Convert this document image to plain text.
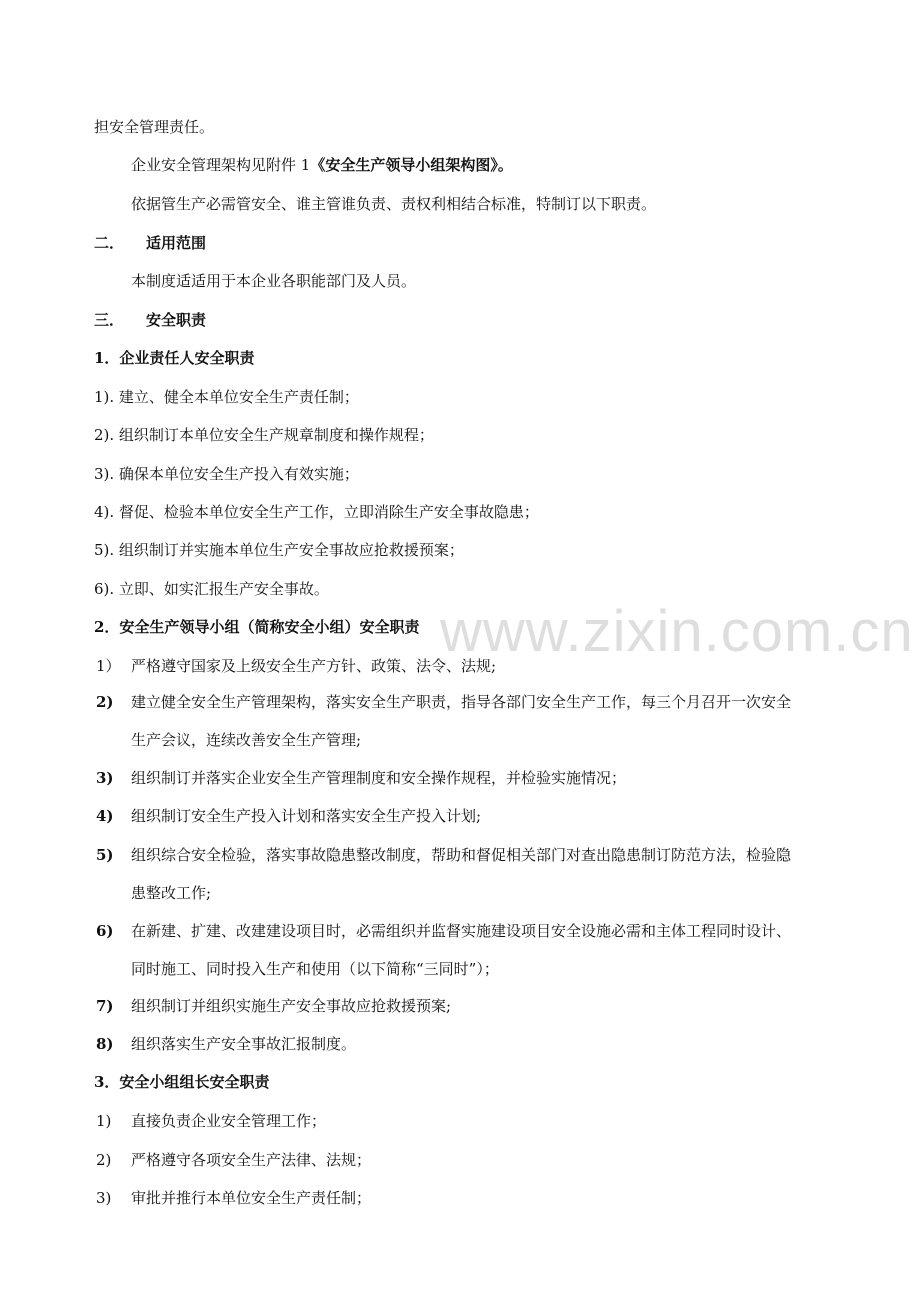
www.zixin.com.cn
担安全管理责任。
企业安全管理架构见附件 1《安全生产领导小组架构图》。
依据管生产必需管安全、谁主管谁负责、责权利相结合标准，特制订以下职责。
二． 适用范围
本制度适适用于本企业各职能部门及人员。
三． 安全职责
1．企业责任人安全职责
1). 建立、健全本单位安全生产责任制；
2). 组织制订本单位安全生产规章制度和操作规程；
3). 确保本单位安全生产投入有效实施；
4). 督促、检验本单位安全生产工作，立即消除生产安全事故隐患；
5). 组织制订并实施本单位生产安全事故应抢救援预案；
6). 立即、如实汇报生产安全事故。
2．安全生产领导小组（简称安全小组）安全职责
1） 严格遵守国家及上级安全生产方针、政策、法令、法规;
2) 建立健全安全生产管理架构，落实安全生产职责，指导各部门安全生产工作，每三个月召开一次安全
生产会议，连续改善安全生产管理;
3) 组织制订并落实企业安全生产管理制度和安全操作规程，并检验实施情况；
4) 组织制订安全生产投入计划和落实安全生产投入计划;
5) 组织综合安全检验，落实事故隐患整改制度，帮助和督促相关部门对查出隐患制订防范方法，检验隐
患整改工作;
6) 在新建、扩建、改建建设项目时，必需组织并监督实施建设项目安全设施必需和主体工程同时设计、
同时施工、同时投入生产和使用（以下简称“三同时”）；
7) 组织制订并组织实施生产安全事故应抢救援预案;
8) 组织落实生产安全事故汇报制度。
3．安全小组组长安全职责
1) 直接负责企业安全管理工作；
2) 严格遵守各项安全生产法律、法规；
3) 审批并推行本单位安全生产责任制；
